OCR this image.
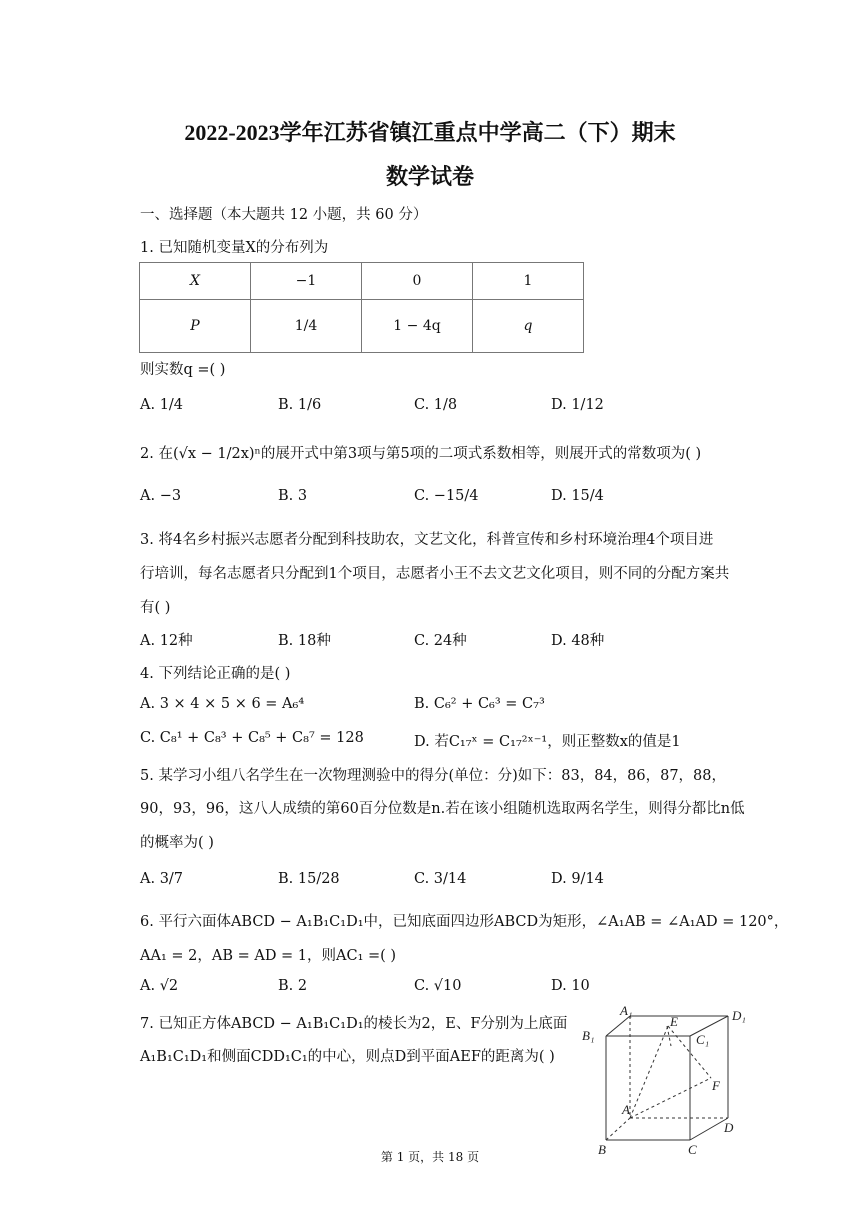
2022-2023学年江苏省镇江重点中学高二（下）期末
数学试卷
一、选择题（本大题共 12 小题，共 60 分）
1. 已知随机变量X的分布列为
X	−1	0	1
P	1/4	1 − 4q	q
则实数q =( )
A. 1/4	B. 1/6	C. 1/8	D. 1/12
2. 在(√x − 1/2x)ⁿ的展开式中第3项与第5项的二项式系数相等，则展开式的常数项为( )
A. −3	B. 3	C. −15/4	D. 15/4
3. 将4名乡村振兴志愿者分配到科技助农，文艺文化，科普宣传和乡村环境治理4个项目进
行培训，每名志愿者只分配到1个项目，志愿者小王不去文艺文化项目，则不同的分配方案共
有( )
A. 12种	B. 18种	C. 24种	D. 48种
4. 下列结论正确的是( )
A. 3 × 4 × 5 × 6 = A₆⁴	B. C₆² + C₆³ = C₇³
C. C₈¹ + C₈³ + C₈⁵ + C₈⁷ = 128	D. 若C₁₇ˣ = C₁₇²ˣ⁻¹，则正整数x的值是1
5. 某学习小组八名学生在一次物理测验中的得分(单位：分)如下：83，84，86，87，88，
90，93，96，这八人成绩的第60百分位数是n.若在该小组随机选取两名学生，则得分都比n低
的概率为( )
A. 3/7	B. 15/28	C. 3/14	D. 9/14
6. 平行六面体ABCD − A₁B₁C₁D₁中，已知底面四边形ABCD为矩形，∠A₁AB = ∠A₁AD = 120°，
AA₁ = 2，AB = AD = 1，则AC₁ =( )
A. √2	B. 2	C. √10	D. 10
7. 已知正方体ABCD − A₁B₁C₁D₁的棱长为2，E、F分别为上底面
A₁B₁C₁D₁和侧面CDD₁C₁的中心，则点D到平面AEF的距离为( )
A₁
B₁	C₁
D₁
E
F
A
B	C
D
第 1 页，共 18 页
